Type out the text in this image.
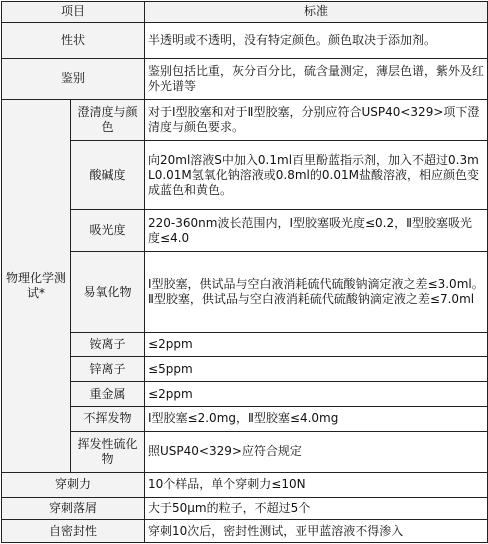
项目		标准
性状		半透明或不透明，没有特定颜色。颜色取决于添加剂。
鉴别		鉴别包括比重，灰分百分比，硫含量测定，薄层色谱，紫外及红外光谱等
物理化学测试*	澄清度与颜色	对于I型胶塞和对于Ⅱ型胶塞，分别应符合USP40<329>项下澄清度与颜色要求。
	酸碱度	向20ml溶液S中加入0.1ml百里酚蓝指示剂，加入不超过0.3mL0.01M氢氧化钠溶液或0.8ml的0.01M盐酸溶液，相应颜色变成蓝色和黄色。
	吸光度	220-360nm波长范围内，Ⅰ型胶塞吸光度≤0.2，Ⅱ型胶塞吸光度≤4.0
	易氧化物	Ⅰ型胶塞，供试品与空白液消耗硫代硫酸钠滴定液之差≤3.0ml。
Ⅱ型胶塞，供试品与空白液消耗硫代硫酸钠滴定液之差≤7.0ml

	铵离子	≤2ppm
	锌离子	≤5ppm
	重金属	≤2ppm
	不挥发物	Ⅰ型胶塞≤2.0mg，Ⅱ型胶塞≤4.0mg
	挥发性硫化物	照USP40<329>应符合规定
穿刺力		10个样品，单个穿刺力≤10N
穿刺落屑		大于50μm的粒子，不超过5个
自密封性		穿刺10次后，密封性测试，亚甲蓝溶液不得渗入
